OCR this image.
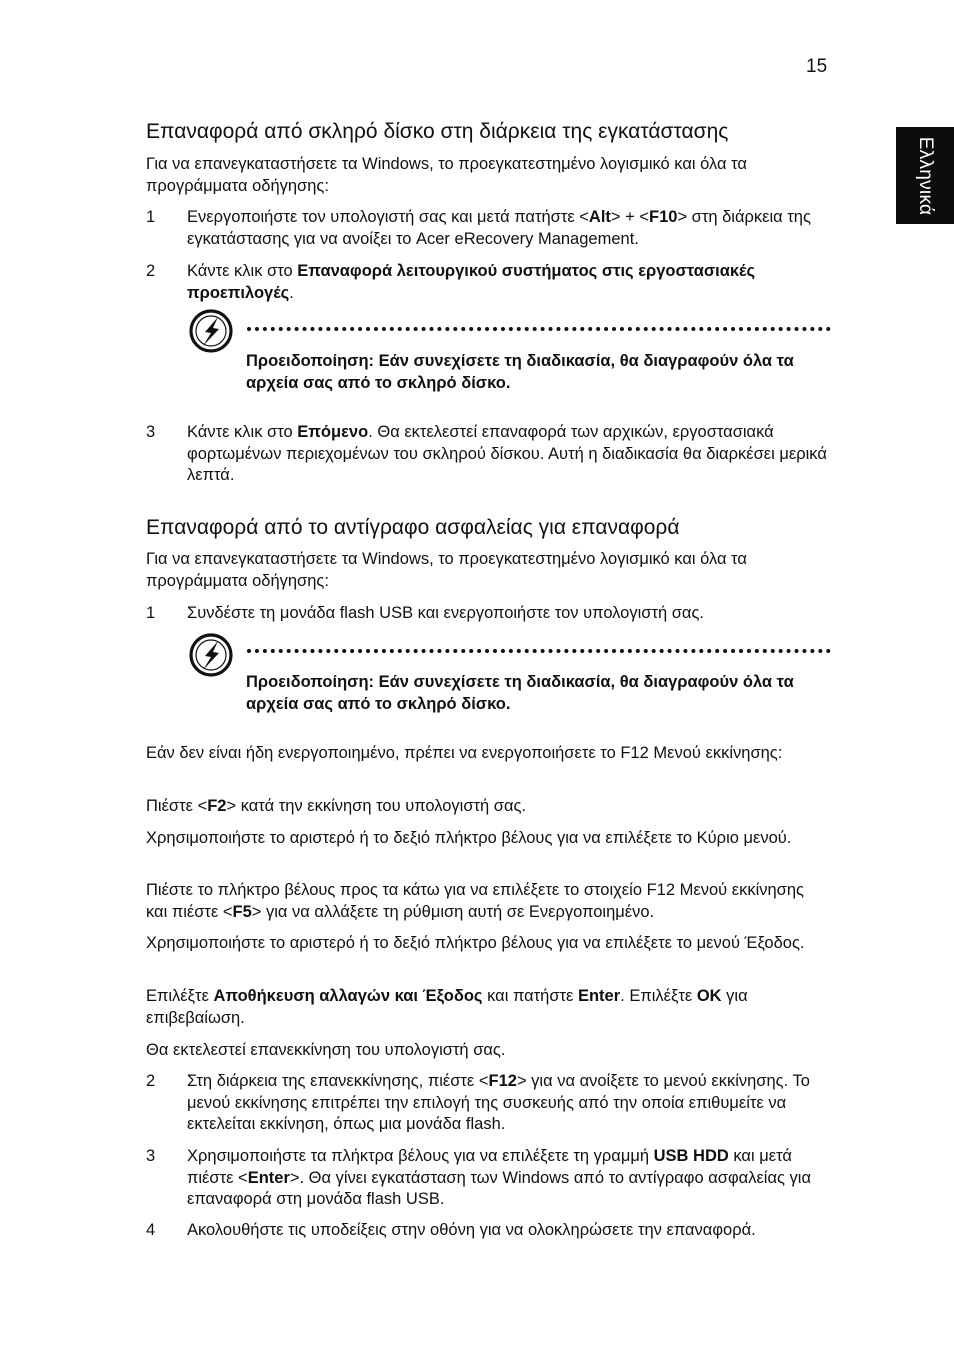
15
Ελληνικά
Επαναφορά από σκληρό δίσκο στη διάρκεια της εγκατάστασης

Για να επανεγκαταστήσετε τα Windows, το προεγκατεστημένο λογισμικό και όλα τα προγράμματα οδήγησης:

1 Ενεργοποιήστε τον υπολογιστή σας και μετά πατήστε <Alt> + <F10> στη διάρκεια της εγκατάστασης για να ανοίξει το Acer eRecovery Management.

2 Κάντε κλικ στο Επαναφορά λειτουργικού συστήματος στις εργοστασιακές προεπιλογές.

Προειδοποίηση: Εάν συνεχίσετε τη διαδικασία, θα διαγραφούν όλα τα αρχεία σας από το σκληρό δίσκο.

3 Κάντε κλικ στο Επόμενο. Θα εκτελεστεί επαναφορά των αρχικών, εργοστασιακά φορτωμένων περιεχομένων του σκληρού δίσκου. Αυτή η διαδικασία θα διαρκέσει μερικά λεπτά.

Επαναφορά από το αντίγραφο ασφαλείας για επαναφορά

Για να επανεγκαταστήσετε τα Windows, το προεγκατεστημένο λογισμικό και όλα τα προγράμματα οδήγησης:

1 Συνδέστε τη μονάδα flash USB και ενεργοποιήστε τον υπολογιστή σας.

Προειδοποίηση: Εάν συνεχίσετε τη διαδικασία, θα διαγραφούν όλα τα αρχεία σας από το σκληρό δίσκο.

Εάν δεν είναι ήδη ενεργοποιημένο, πρέπει να ενεργοποιήσετε το F12 Μενού εκκίνησης:

Πιέστε <F2> κατά την εκκίνηση του υπολογιστή σας.

Χρησιμοποιήστε το αριστερό ή το δεξιό πλήκτρο βέλους για να επιλέξετε το Κύριο μενού.

Πιέστε το πλήκτρο βέλους προς τα κάτω για να επιλέξετε το στοιχείο F12 Μενού εκκίνησης και πιέστε <F5> για να αλλάξετε τη ρύθμιση αυτή σε Ενεργοποιημένο.

Χρησιμοποιήστε το αριστερό ή το δεξιό πλήκτρο βέλους για να επιλέξετε το μενού Έξοδος.

Επιλέξτε Αποθήκευση αλλαγών και Έξοδος και πατήστε Enter. Επιλέξτε OK για επιβεβαίωση.

Θα εκτελεστεί επανεκκίνηση του υπολογιστή σας.

2 Στη διάρκεια της επανεκκίνησης, πιέστε <F12> για να ανοίξετε το μενού εκκίνησης. Το μενού εκκίνησης επιτρέπει την επιλογή της συσκευής από την οποία επιθυμείτε να εκτελείται εκκίνηση, όπως μια μονάδα flash.

3 Χρησιμοποιήστε τα πλήκτρα βέλους για να επιλέξετε τη γραμμή USB HDD και μετά πιέστε <Enter>. Θα γίνει εγκατάσταση των Windows από το αντίγραφο ασφαλείας για επαναφορά στη μονάδα flash USB.

4 Ακολουθήστε τις υποδείξεις στην οθόνη για να ολοκληρώσετε την επαναφορά.
